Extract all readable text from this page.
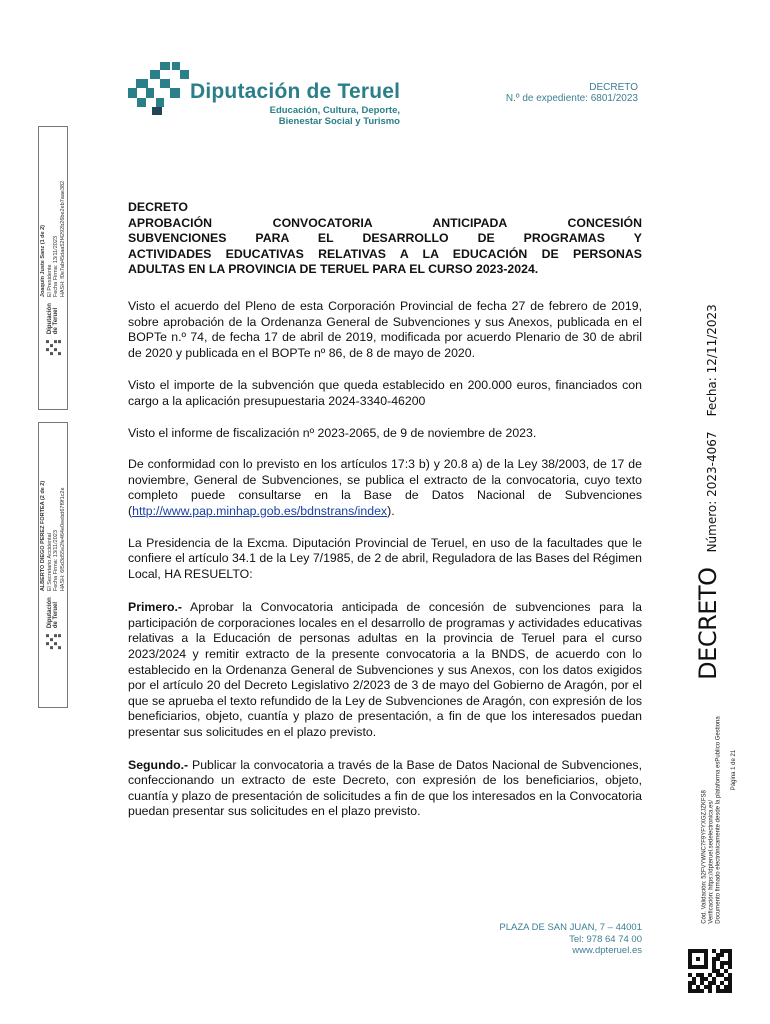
Diputación de Teruel
Educación, Cultura, Deporte,
Bienestar Social y Turismo
DECRETO
N.º de expediente: 6801/2023
Diputación de Teruel
Joaquín Juste Sanz (1 de 2) El Presidente Fecha Firma: 13/11/2023 HASH: f0e7ab45daa52f4292b26be2eb7aae382
Diputación de Teruel
ALBERTO DIEGO PEREZ FORTEA (2 de 2) El Secretario Accidental Fecha Firma: 13/11/2023 HASH: 6f5d3d55e2fe464e0eebd67f9f1c2e
DECRETO Número: 2023-4067 Fecha: 12/11/2023
Cód. Validación: 52FVYWNC7F9YFYXGZJZKFS8 Verificación: https://dpteruel.sedelectronica.es/ Documento firmado electrónicamente desde la plataforma esPublico Gestiona Página 1 de 21
DECRETO
APROBACIÓN CONVOCATORIA ANTICIPADA CONCESIÓN
SUBVENCIONES PARA EL DESARROLLO DE PROGRAMAS Y
ACTIVIDADES EDUCATIVAS RELATIVAS A LA EDUCACIÓN DE PERSONAS
ADULTAS EN LA PROVINCIA DE TERUEL PARA EL CURSO 2023-2024.

Visto el acuerdo del Pleno de esta Corporación Provincial de fecha 27 de febrero de 2019, sobre aprobación de la Ordenanza General de Subvenciones y sus Anexos, publicada en el BOPTe n.º 74, de fecha 17 de abril de 2019, modificada por acuerdo Plenario de 30 de abril de 2020 y publicada en el BOPTe nº 86, de 8 de mayo de 2020.

Visto el importe de la subvención que queda establecido en 200.000 euros, financiados con cargo a la aplicación presupuestaria 2024-3340-46200

Visto el informe de fiscalización nº 2023-2065, de 9 de noviembre de 2023.

De conformidad con lo previsto en los artículos 17:3 b) y 20.8 a) de la Ley 38/2003, de 17 de noviembre, General de Subvenciones, se publica el extracto de la convocatoria, cuyo texto completo puede consultarse en la Base de Datos Nacional de Subvenciones (http://www.pap.minhap.gob.es/bdnstrans/index).

La Presidencia de la Excma. Diputación Provincial de Teruel, en uso de la facultades que le confiere el artículo 34.1 de la Ley 7/1985, de 2 de abril, Reguladora de las Bases del Régimen Local, HA RESUELTO:

Primero.- Aprobar la Convocatoria anticipada de concesión de subvenciones para la participación de corporaciones locales en el desarrollo de programas y actividades educativas relativas a la Educación de personas adultas en la provincia de Teruel para el curso 2023/2024 y remitir extracto de la presente convocatoria a la BNDS, de acuerdo con lo establecido en la Ordenanza General de Subvenciones y sus Anexos, con los datos exigidos por el artículo 20 del Decreto Legislativo 2/2023 de 3 de mayo del Gobierno de Aragón, por el que se aprueba el texto refundido de la Ley de Subvenciones de Aragón, con expresión de los beneficiarios, objeto, cuantía y plazo de presentación, a fin de que los interesados puedan presentar sus solicitudes en el plazo previsto.

Segundo.- Publicar la convocatoria a través de la Base de Datos Nacional de Subvenciones, confeccionando un extracto de este Decreto, con expresión de los beneficiarios, objeto, cuantía y plazo de presentación de solicitudes a fin de que los interesados en la Convocatoria puedan presentar sus solicitudes en el plazo previsto.

PLAZA DE SAN JUAN, 7 – 44001
Tel: 978 64 74 00
www.dpteruel.es
